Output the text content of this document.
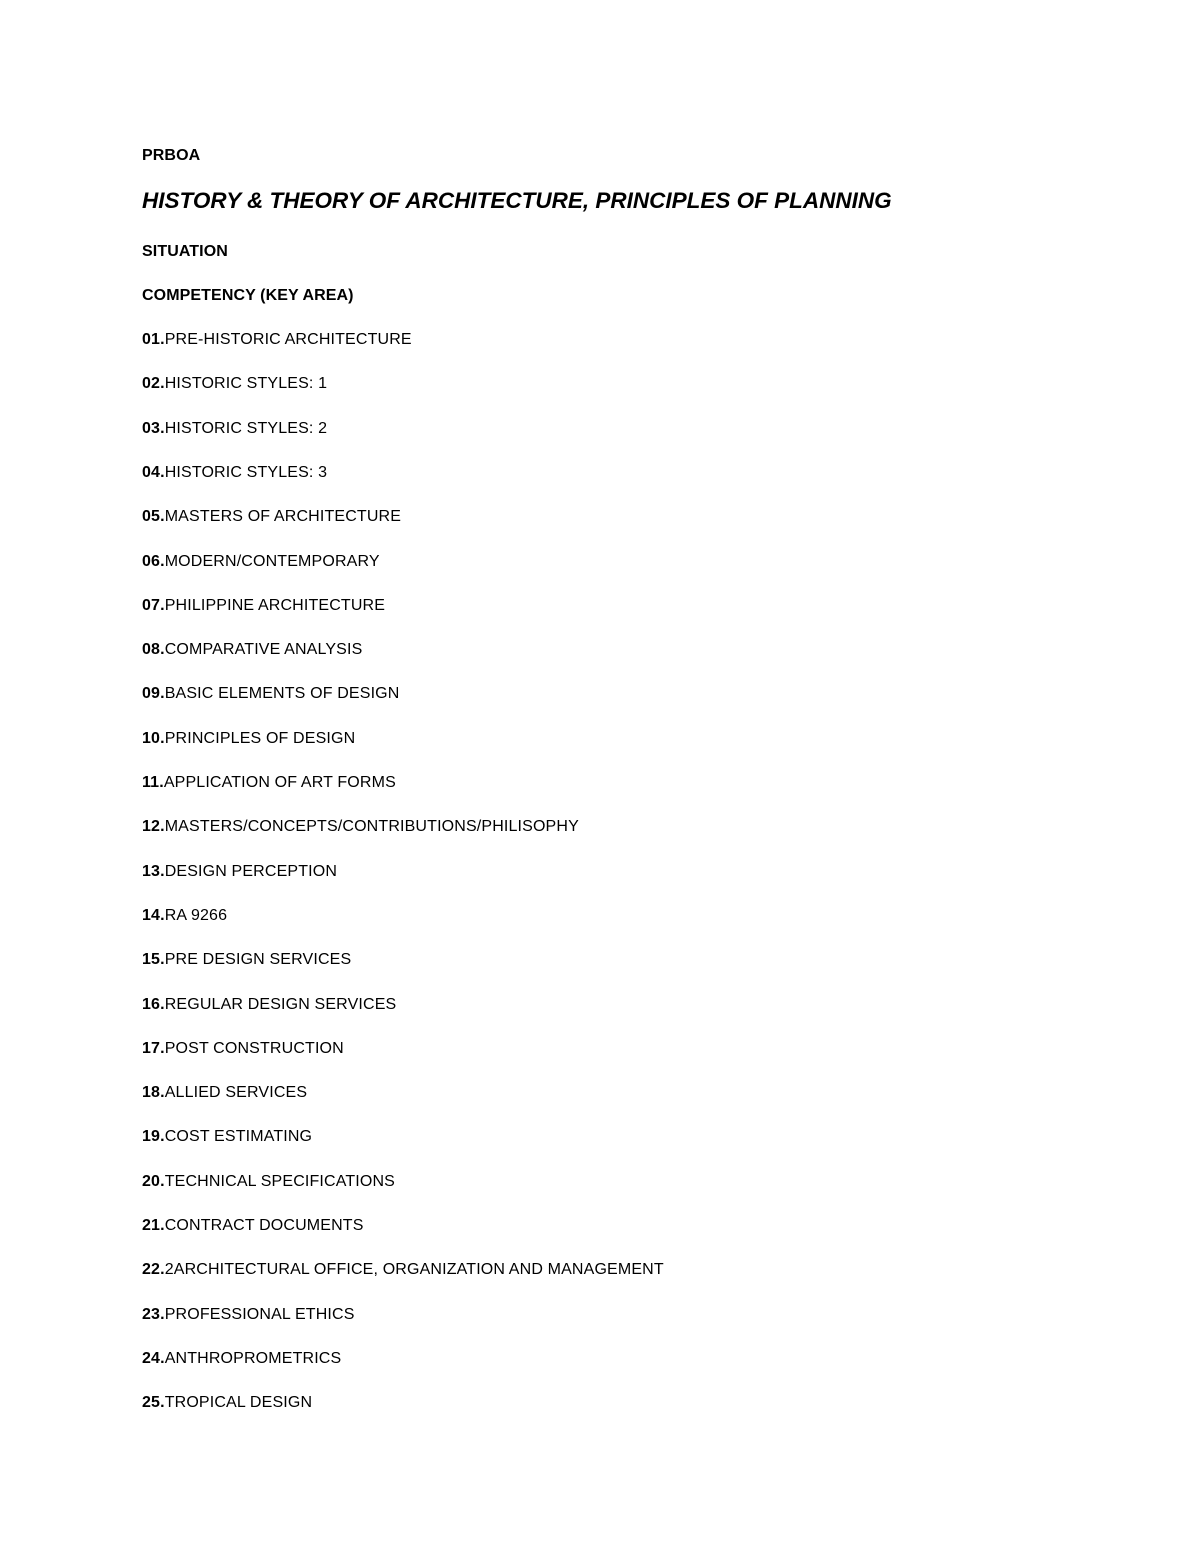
PRBOA
HISTORY & THEORY OF ARCHITECTURE, PRINCIPLES OF PLANNING
SITUATION
COMPETENCY (KEY AREA)
01.PRE-HISTORIC ARCHITECTURE
02.HISTORIC STYLES: 1
03.HISTORIC STYLES: 2
04.HISTORIC STYLES: 3
05.MASTERS OF ARCHITECTURE
06.MODERN/CONTEMPORARY
07.PHILIPPINE ARCHITECTURE
08.COMPARATIVE ANALYSIS
09.BASIC ELEMENTS OF DESIGN
10.PRINCIPLES OF DESIGN
11.APPLICATION OF ART FORMS
12.MASTERS/CONCEPTS/CONTRIBUTIONS/PHILISOPHY
13.DESIGN PERCEPTION
14.RA 9266
15.PRE DESIGN SERVICES
16.REGULAR DESIGN SERVICES
17.POST CONSTRUCTION
18.ALLIED SERVICES
19.COST ESTIMATING
20.TECHNICAL SPECIFICATIONS
21.CONTRACT DOCUMENTS
22.2ARCHITECTURAL OFFICE, ORGANIZATION AND MANAGEMENT
23.PROFESSIONAL ETHICS
24.ANTHROPROMETRICS
25.TROPICAL DESIGN
